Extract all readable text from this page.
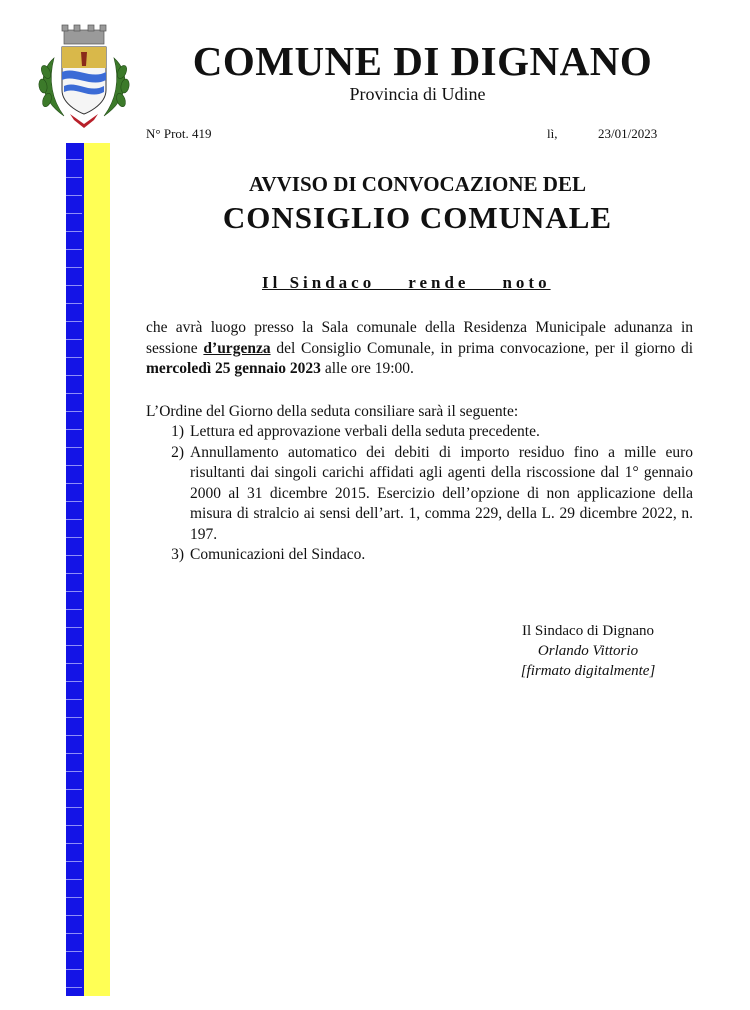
COMUNE DI DIGNANO
Provincia di Udine
N° Prot. 419	lì,	23/01/2023
AVVISO DI CONVOCAZIONE DEL
CONSIGLIO COMUNALE
Il Sindaco    rende    noto
che avrà luogo presso la Sala comunale della Residenza Municipale adunanza in sessione d’urgenza del Consiglio Comunale, in prima convocazione, per il giorno di mercoledì 25 gennaio 2023 alle ore 19:00.
L’Ordine del Giorno della seduta consiliare sarà il seguente:
1) Lettura ed approvazione verbali della seduta precedente.
2) Annullamento automatico dei debiti di importo residuo fino a mille euro risultanti dai singoli carichi affidati agli agenti della riscossione dal 1° gennaio 2000 al 31 dicembre 2015. Esercizio dell’opzione di non applicazione della misura di stralcio ai sensi dell’art. 1, comma 229, della L. 29 dicembre 2022, n. 197.
3) Comunicazioni del Sindaco.
Il Sindaco di Dignano
Orlando Vittorio
[firmato digitalmente]
